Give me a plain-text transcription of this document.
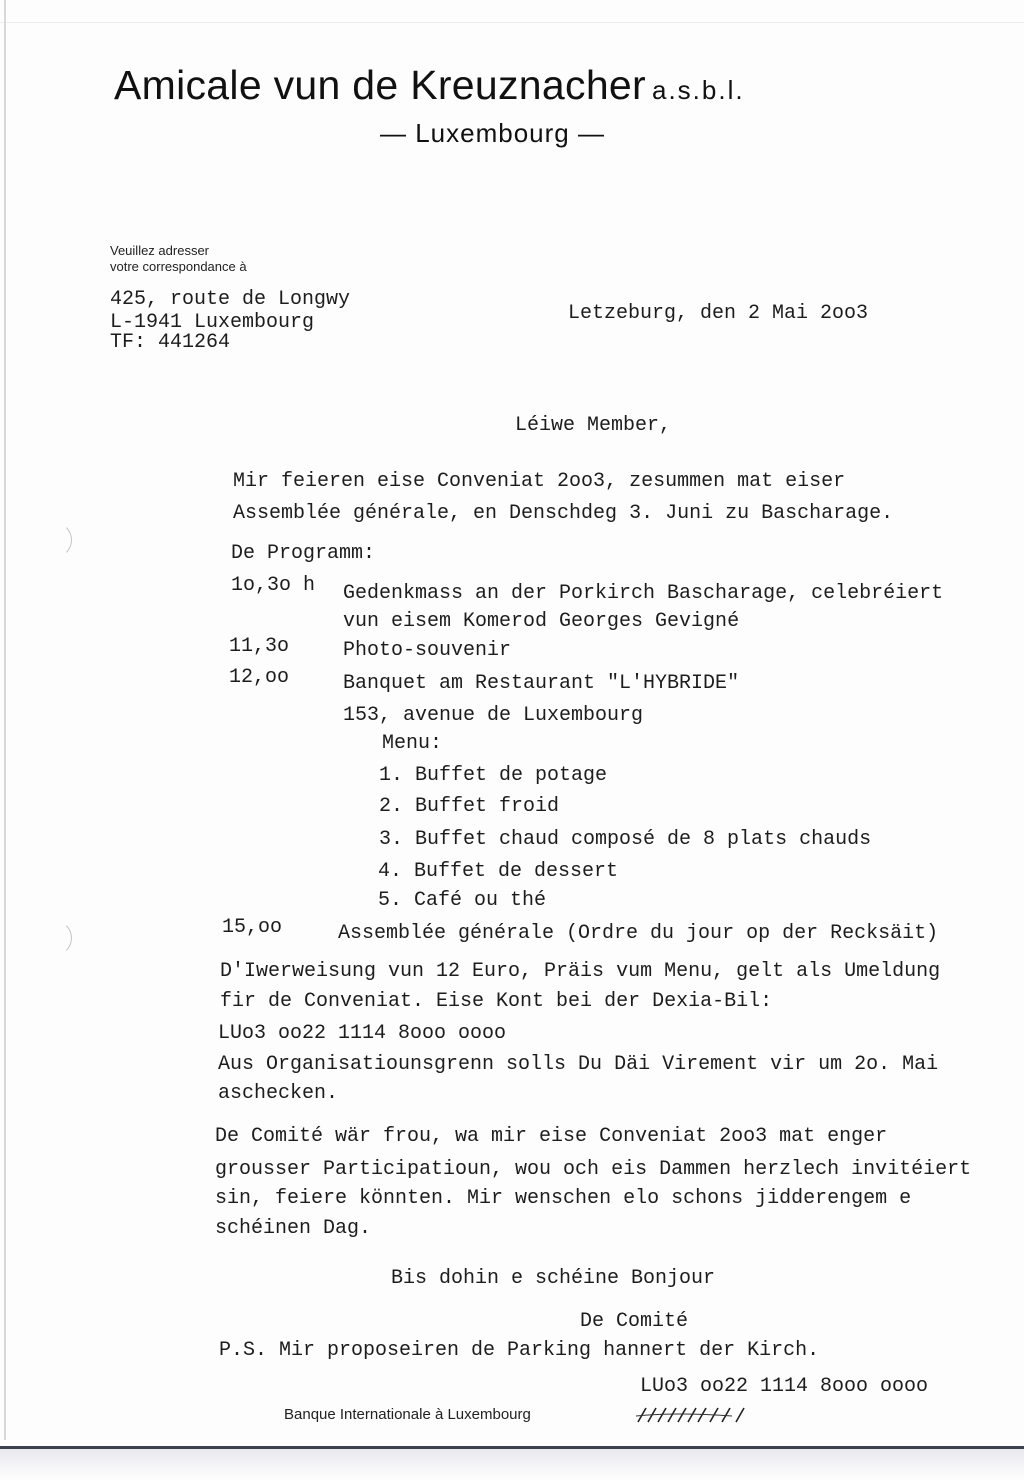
Amicale vun de Kreuznacher a.s.b.l.
— Luxembourg —
Veuillez adresser
votre correspondance à
425, route de Longwy
L-1941 Luxembourg
TF: 441264
Letzeburg, den 2 Mai 2oo3
Léiwe Member,
Mir feieren eise Conveniat 2oo3, zesummen mat eiser
Assemblée générale, en Denschdeg 3. Juni zu Bascharage.
De Programm:
1o,3o h Gedenkmass an der Porkirch Bascharage, celebréiert
vun eisem Komerod Georges Gevigné
11,3o	Photo-souvenir
12,oo	Banquet am Restaurant "L'HYBRIDE"
153, avenue de Luxembourg
Menu:
1. Buffet de potage
2. Buffet froid
3. Buffet chaud composé de 8 plats chauds
4. Buffet de dessert
5. Café ou thé
15,oo	Assemblée générale (Ordre du jour op der Recksäit)
D'Iwerweisung vun 12 Euro, Präis vum Menu, gelt als Umeldung
fir de Conveniat. Eise Kont bei der Dexia-Bil:
LUo3 oo22 1114 8ooo oooo
Aus Organisatiounsgrenn solls Du Däi Virement vir um 2o. Mai
aschecken.
De Comité wär frou, wa mir eise Conveniat 2oo3 mat enger
grousser Participatioun, wou och eis Dammen herzlech invitéiert
sin, feiere könnten. Mir wenschen elo schons jidderengem e
schéinen Dag.
Bis dohin e schéine Bonjour
De Comité
P.S. Mir proposeiren de Parking hannert der Kirch.
LUo3 oo22 1114 8ooo oooo
Banque Internationale à Luxembourg
